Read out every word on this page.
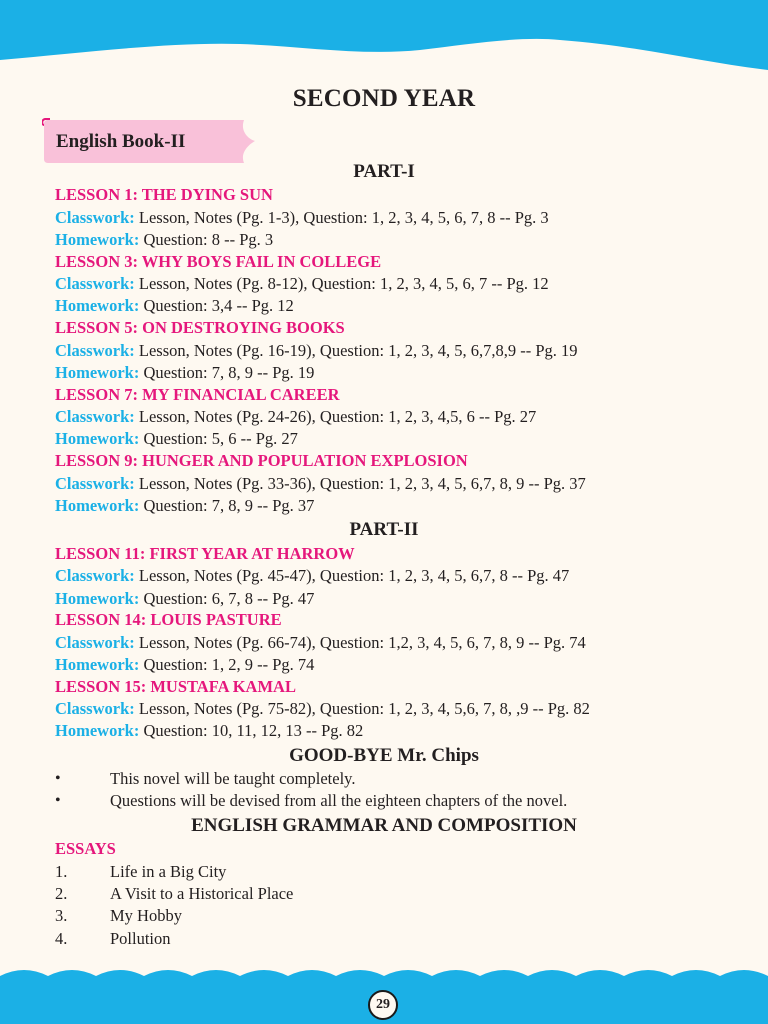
SECOND YEAR
English Book-II
PART-I
LESSON 1: THE DYING SUN
Classwork: Lesson, Notes (Pg. 1-3), Question: 1, 2, 3, 4, 5, 6, 7, 8 -- Pg. 3
Homework: Question: 8 -- Pg. 3
LESSON 3: WHY BOYS FAIL IN COLLEGE
Classwork: Lesson, Notes (Pg. 8-12), Question: 1, 2, 3, 4, 5, 6, 7 -- Pg. 12
Homework: Question: 3,4 -- Pg. 12
LESSON 5: ON DESTROYING BOOKS
Classwork: Lesson, Notes (Pg. 16-19), Question: 1, 2, 3, 4, 5, 6,7,8,9 -- Pg. 19
Homework: Question: 7, 8, 9 -- Pg. 19
LESSON 7: MY FINANCIAL CAREER
Classwork: Lesson, Notes (Pg. 24-26), Question: 1, 2, 3, 4,5, 6 -- Pg. 27
Homework: Question: 5, 6 -- Pg. 27
LESSON 9: HUNGER AND POPULATION EXPLOSION
Classwork: Lesson, Notes (Pg. 33-36), Question: 1, 2, 3, 4, 5, 6,7, 8, 9 -- Pg. 37
Homework: Question: 7, 8, 9 -- Pg. 37
PART-II
LESSON 11: FIRST YEAR AT HARROW
Classwork: Lesson, Notes (Pg. 45-47), Question: 1, 2, 3, 4, 5, 6,7, 8 -- Pg. 47
Homework: Question: 6, 7, 8 -- Pg. 47
LESSON 14: LOUIS PASTURE
Classwork: Lesson, Notes (Pg. 66-74), Question: 1,2, 3, 4, 5, 6, 7, 8, 9 -- Pg. 74
Homework: Question: 1, 2, 9 -- Pg. 74
LESSON 15: MUSTAFA KAMAL
Classwork: Lesson, Notes (Pg. 75-82), Question: 1, 2, 3, 4, 5,6, 7, 8, ,9 -- Pg. 82
Homework: Question: 10, 11, 12, 13 -- Pg. 82
GOOD-BYE Mr. Chips
•	This novel will be taught completely.
•	Questions will be devised from all the eighteen chapters of the novel.
ENGLISH GRAMMAR AND COMPOSITION
ESSAYS
1.	Life in a Big City
2.	A Visit to a Historical Place
3.	My Hobby
4.	Pollution
29
